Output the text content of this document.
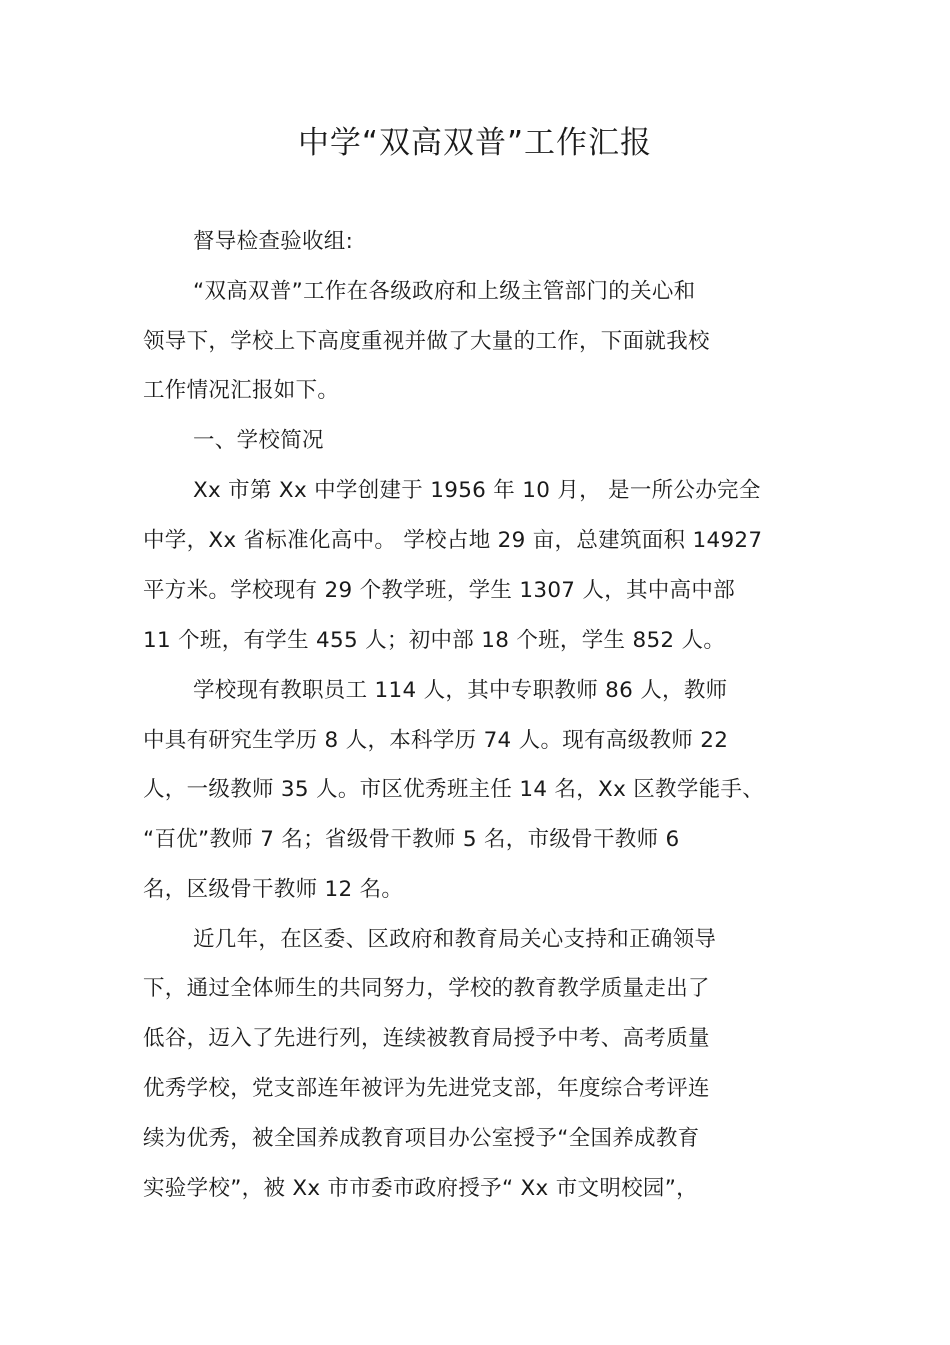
中学“双高双普”工作汇报
督导检查验收组:
“双高双普”工作在各级政府和上级主管部门的关心和
领导下，学校上下高度重视并做了大量的工作，下面就我校
工作情况汇报如下。
一、学校简况
Xx 市第 Xx 中学创建于 1956 年 10 月， 是一所公办完全
中学，Xx 省标准化高中。 学校占地 29 亩，总建筑面积 14927
平方米。学校现有 29 个教学班，学生 1307 人，其中高中部
11 个班，有学生 455 人；初中部 18 个班，学生 852 人。
学校现有教职员工 114 人，其中专职教师 86 人，教师
中具有研究生学历 8 人，本科学历 74 人。现有高级教师 22
人，一级教师 35 人。市区优秀班主任 14 名，Xx 区教学能手、
“百优”教师 7 名；省级骨干教师 5 名，市级骨干教师 6
名，区级骨干教师 12 名。
近几年，在区委、区政府和教育局关心支持和正确领导
下，通过全体师生的共同努力，学校的教育教学质量走出了
低谷，迈入了先进行列，连续被教育局授予中考、高考质量
优秀学校，党支部连年被评为先进党支部，年度综合考评连
续为优秀，被全国养成教育项目办公室授予“全国养成教育
实验学校”，被 Xx 市市委市政府授予“ Xx 市文明校园”，
